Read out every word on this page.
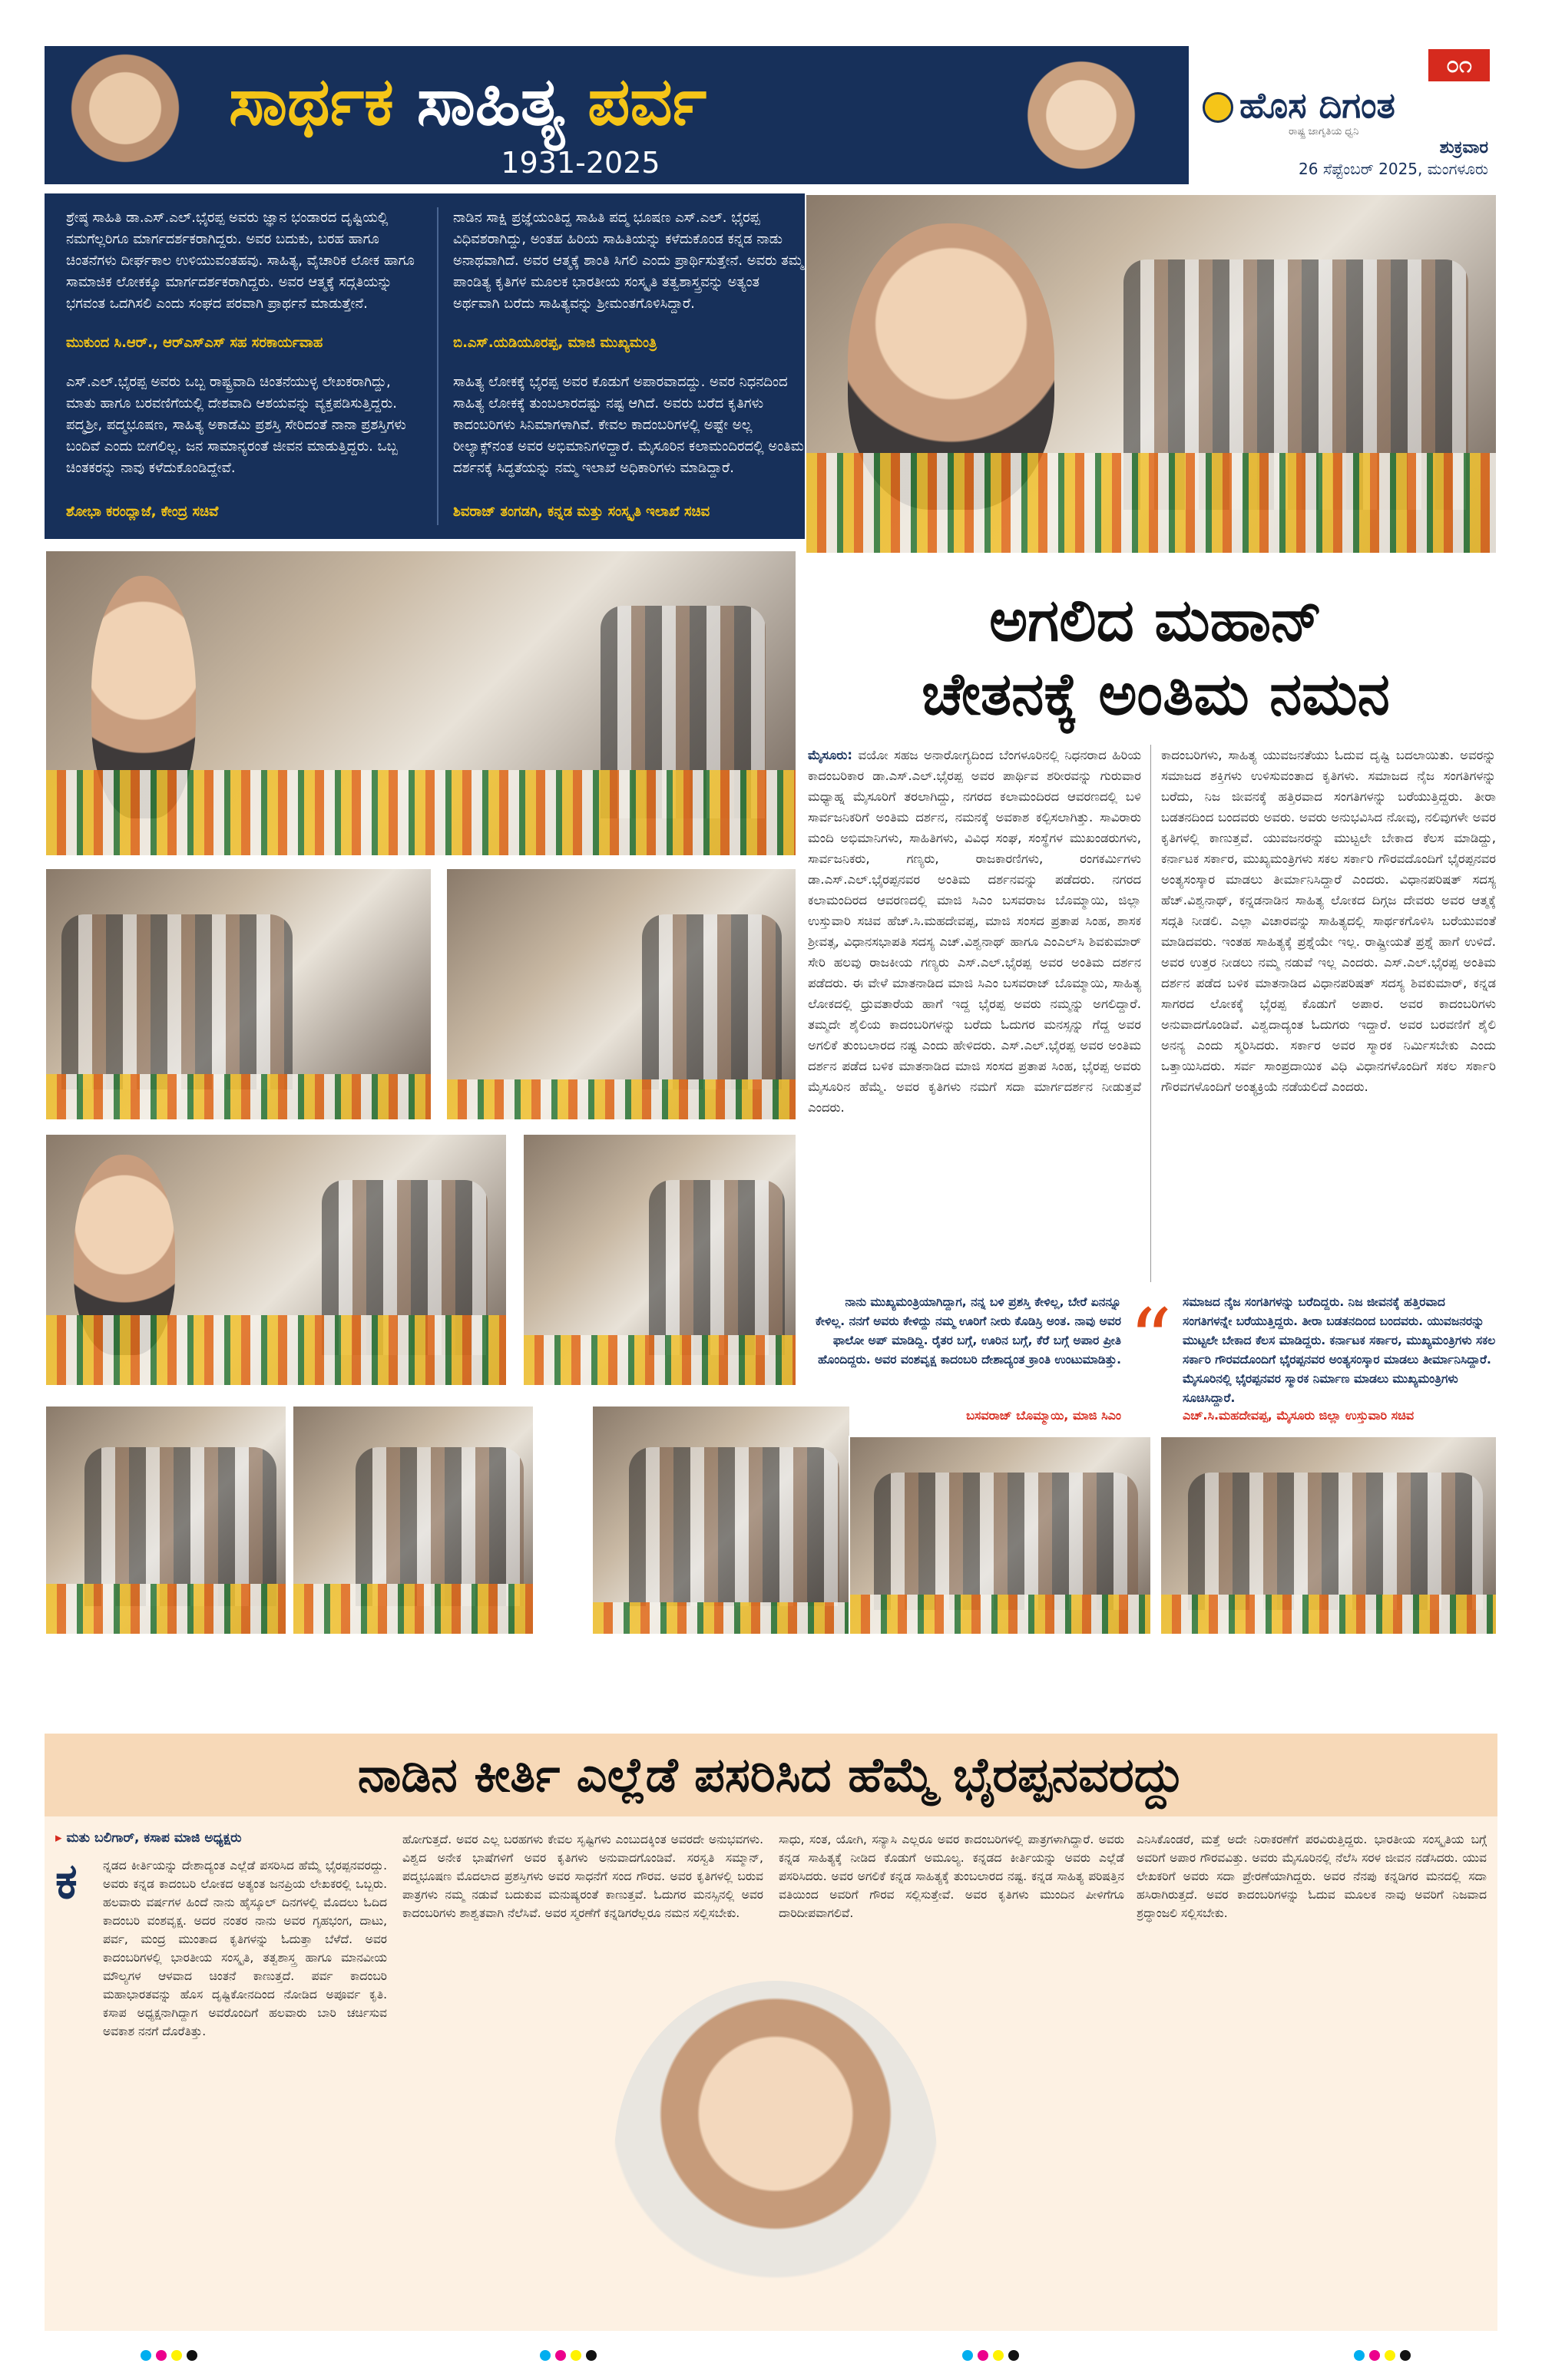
ಸಾರ್ಥಕ ಸಾಹಿತ್ಯ ಪರ್ವ
1931-2025
೦೧
ಹೊಸ ದಿಗಂತ
ರಾಷ್ಟ್ರ ಜಾಗೃತಿಯ ಧ್ವನಿ
ಶುಕ್ರವಾರ
26 ಸೆಪ್ಟೆಂಬರ್ 2025, ಮಂಗಳೂರು
ಶ್ರೇಷ್ಠ ಸಾಹಿತಿ ಡಾ.ಎಸ್.ಎಲ್.ಭೈರಪ್ಪ ಅವರು ಜ್ಞಾನ ಭಂಡಾರದ ದೃಷ್ಟಿಯಲ್ಲಿ ನಮಗೆಲ್ಲರಿಗೂ ಮಾರ್ಗದರ್ಶಕರಾಗಿದ್ದರು. ಅವರ ಬದುಕು, ಬರಹ ಹಾಗೂ ಚಿಂತನೆಗಳು ದೀರ್ಘಕಾಲ ಉಳಿಯುವಂತಹವು. ಸಾಹಿತ್ಯ, ವೈಚಾರಿಕ ಲೋಕ ಹಾಗೂ ಸಾಮಾಜಿಕ ಲೋಕಕ್ಕೂ ಮಾರ್ಗದರ್ಶಕರಾಗಿದ್ದರು. ಅವರ ಆತ್ಮಕ್ಕೆ ಸದ್ಗತಿಯನ್ನು ಭಗವಂತ ಒದಗಿಸಲಿ ಎಂದು ಸಂಘದ ಪರವಾಗಿ ಪ್ರಾರ್ಥನೆ ಮಾಡುತ್ತೇನೆ.
ಮುಕುಂದ ಸಿ.ಆರ್., ಆರ್‌ಎಸ್‌ಎಸ್ ಸಹ ಸರಕಾರ್ಯವಾಹ
ನಾಡಿನ ಸಾಕ್ಷಿ ಪ್ರಜ್ಞೆಯಂತಿದ್ದ ಸಾಹಿತಿ ಪದ್ಮ ಭೂಷಣ ಎಸ್.ಎಲ್. ಭೈರಪ್ಪ ವಿಧಿವಶರಾಗಿದ್ದು, ಅಂತಹ ಹಿರಿಯ ಸಾಹಿತಿಯನ್ನು ಕಳೆದುಕೊಂಡ ಕನ್ನಡ ನಾಡು ಅನಾಥವಾಗಿದೆ. ಅವರ ಆತ್ಮಕ್ಕೆ ಶಾಂತಿ ಸಿಗಲಿ ಎಂದು ಪ್ರಾರ್ಥಿಸುತ್ತೇನೆ. ಅವರು ತಮ್ಮ ಪಾಂಡಿತ್ಯ ಕೃತಿಗಳ ಮೂಲಕ ಭಾರತೀಯ ಸಂಸ್ಕೃತಿ ತತ್ವಶಾಸ್ತ್ರವನ್ನು ಅತ್ಯಂತ ಅರ್ಥವಾಗಿ ಬರೆದು ಸಾಹಿತ್ಯವನ್ನು ಶ್ರೀಮಂತಗೊಳಿಸಿದ್ದಾರೆ.
ಬಿ.ಎಸ್.ಯಡಿಯೂರಪ್ಪ, ಮಾಜಿ ಮುಖ್ಯಮಂತ್ರಿ
ಎಸ್.ಎಲ್.ಭೈರಪ್ಪ ಅವರು ಒಬ್ಬ ರಾಷ್ಟ್ರವಾದಿ ಚಿಂತನೆಯುಳ್ಳ ಲೇಖಕರಾಗಿದ್ದು, ಮಾತು ಹಾಗೂ ಬರವಣಿಗೆಯಲ್ಲಿ ದೇಶವಾದಿ ಆಶಯವನ್ನು ವ್ಯಕ್ತಪಡಿಸುತ್ತಿದ್ದರು. ಪದ್ಮಶ್ರೀ, ಪದ್ಮಭೂಷಣ, ಸಾಹಿತ್ಯ ಅಕಾಡೆಮಿ ಪ್ರಶಸ್ತಿ ಸೇರಿದಂತೆ ನಾನಾ ಪ್ರಶಸ್ತಿಗಳು ಬಂದಿವೆ ಎಂದು ಬೀಗಲಿಲ್ಲ. ಜನ ಸಾಮಾನ್ಯರಂತೆ ಜೀವನ ಮಾಡುತ್ತಿದ್ದರು. ಒಬ್ಬ ಚಿಂತಕರನ್ನು ನಾವು ಕಳೆದುಕೊಂಡಿದ್ದೇವೆ.
ಶೋಭಾ ಕರಂದ್ಲಾಜೆ, ಕೇಂದ್ರ ಸಚಿವೆ
ಸಾಹಿತ್ಯ ಲೋಕಕ್ಕೆ ಭೈರಪ್ಪ ಅವರ ಕೊಡುಗೆ ಅಪಾರವಾದದ್ದು. ಅವರ ನಿಧನದಿಂದ ಸಾಹಿತ್ಯ ಲೋಕಕ್ಕೆ ತುಂಬಲಾರದಷ್ಟು ನಷ್ಟ ಆಗಿದೆ. ಅವರು ಬರೆದ ಕೃತಿಗಳು ಕಾದಂಬರಿಗಳು ಸಿನಿಮಾಗಳಾಗಿವೆ. ಕೇವಲ ಕಾದಂಬರಿಗಳಲ್ಲಿ ಅಷ್ಟೇ ಅಲ್ಲ ರೀಲ್ಯಾಕ್ಸ್‌ನಂತ ಅವರ ಅಭಿಮಾನಿಗಳಿದ್ದಾರೆ. ಮೈಸೂರಿನ ಕಲಾಮಂದಿರದಲ್ಲಿ ಅಂತಿಮ ದರ್ಶನಕ್ಕೆ ಸಿದ್ಧತೆಯನ್ನು ನಮ್ಮ ಇಲಾಖೆ ಅಧಿಕಾರಿಗಳು ಮಾಡಿದ್ದಾರೆ.
ಶಿವರಾಜ್ ತಂಗಡಗಿ, ಕನ್ನಡ ಮತ್ತು ಸಂಸ್ಕೃತಿ ಇಲಾಖೆ ಸಚಿವ
ಅಗಲಿದ ಮಹಾನ್
ಚೇತನಕ್ಕೆ ಅಂತಿಮ ನಮನ
ಮೈಸೂರು: ವಯೋ ಸಹಜ ಅನಾರೋಗ್ಯದಿಂದ ಬೆಂಗಳೂರಿನಲ್ಲಿ ನಿಧನರಾದ ಹಿರಿಯ ಕಾದಂಬರಿಕಾರ ಡಾ.ಎಸ್.ಎಲ್.ಭೈರಪ್ಪ ಅವರ ಪಾರ್ಥಿವ ಶರೀರವನ್ನು ಗುರುವಾರ ಮಧ್ಯಾಹ್ನ ಮೈಸೂರಿಗೆ ತರಲಾಗಿದ್ದು, ನಗರದ ಕಲಾಮಂದಿರದ ಆವರಣದಲ್ಲಿ ಬಳಿ ಸಾರ್ವಜನಿಕರಿಗೆ ಅಂತಿಮ ದರ್ಶನ, ನಮನಕ್ಕೆ ಅವಕಾಶ ಕಲ್ಪಿಸಲಾಗಿತ್ತು. ಸಾವಿರಾರು ಮಂದಿ ಅಭಿಮಾನಿಗಳು, ಸಾಹಿತಿಗಳು, ವಿವಿಧ ಸಂಘ, ಸಂಸ್ಥೆಗಳ ಮುಖಂಡರುಗಳು, ಸಾರ್ವಜನಿಕರು, ಗಣ್ಯರು, ರಾಜಕಾರಣಿಗಳು, ರಂಗಕರ್ಮಿಗಳು ಡಾ.ಎಸ್.ಎಲ್.ಭೈರಪ್ಪನವರ ಅಂತಿಮ ದರ್ಶನವನ್ನು ಪಡೆದರು. ನಗರದ ಕಲಾಮಂದಿರದ ಆವರಣದಲ್ಲಿ ಮಾಜಿ ಸಿಎಂ ಬಸವರಾಜ ಬೊಮ್ಮಾಯಿ, ಜಿಲ್ಲಾ ಉಸ್ತುವಾರಿ ಸಚಿವ ಹೆಚ್.ಸಿ.ಮಹದೇವಪ್ಪ, ಮಾಜಿ ಸಂಸದ ಪ್ರತಾಪ ಸಿಂಹ, ಶಾಸಕ ಶ್ರೀವತ್ಸ, ವಿಧಾನಸಭಾಪತಿ ಸದಸ್ಯ ಎಚ್.ವಿಶ್ವನಾಥ್ ಹಾಗೂ ಎಂಎಲ್‌ಸಿ ಶಿವಕುಮಾರ್ ಸೇರಿ ಹಲವು ರಾಜಕೀಯ ಗಣ್ಯರು ಎಸ್.ಎಲ್.ಭೈರಪ್ಪ ಅವರ ಅಂತಿಮ ದರ್ಶನ ಪಡೆದರು. ಈ ವೇಳೆ ಮಾತನಾಡಿದ ಮಾಜಿ ಸಿಎಂ ಬಸವರಾಜ್ ಬೊಮ್ಮಾಯಿ, ಸಾಹಿತ್ಯ ಲೋಕದಲ್ಲಿ ಧ್ರುವತಾರೆಯ ಹಾಗೆ ಇದ್ದ ಭೈರಪ್ಪ ಅವರು ನಮ್ಮನ್ನು ಅಗಲಿದ್ದಾರೆ. ತಮ್ಮದೇ ಶೈಲಿಯ ಕಾದಂಬರಿಗಳನ್ನು ಬರೆದು ಓದುಗರ ಮನಸ್ಸನ್ನು ಗೆದ್ದ ಅವರ ಅಗಲಿಕೆ ತುಂಬಲಾರದ ನಷ್ಟ ಎಂದು ಹೇಳಿದರು. ಎಸ್.ಎಲ್.ಭೈರಪ್ಪ ಅವರ ಅಂತಿಮ ದರ್ಶನ ಪಡೆದ ಬಳಿಕ ಮಾತನಾಡಿದ ಮಾಜಿ ಸಂಸದ ಪ್ರತಾಪ ಸಿಂಹ, ಭೈರಪ್ಪ ಅವರು ಮೈಸೂರಿನ ಹೆಮ್ಮೆ. ಅವರ ಕೃತಿಗಳು ನಮಗೆ ಸದಾ ಮಾರ್ಗದರ್ಶನ ನೀಡುತ್ತವೆ ಎಂದರು.
ಕಾದಂಬರಿಗಳು, ಸಾಹಿತ್ಯ ಯುವಜನತೆಯು ಓದುವ ದೃಷ್ಟಿ ಬದಲಾಯಿತು. ಅವರನ್ನು ಸಮಾಜದ ಶಕ್ತಿಗಳು ಉಳಿಸುವಂತಾದ ಕೃತಿಗಳು. ಸಮಾಜದ ನೈಜ ಸಂಗತಿಗಳನ್ನು ಬರೆದು, ನಿಜ ಜೀವನಕ್ಕೆ ಹತ್ತಿರವಾದ ಸಂಗತಿಗಳನ್ನು ಬರೆಯುತ್ತಿದ್ದರು. ತೀರಾ ಬಡತನದಿಂದ ಬಂದವರು ಅವರು. ಅವರು ಅನುಭವಿಸಿದ ನೋವು, ನಲಿವುಗಳೇ ಅವರ ಕೃತಿಗಳಲ್ಲಿ ಕಾಣುತ್ತವೆ. ಯುವಜನರನ್ನು ಮುಟ್ಟಲೇ ಬೇಕಾದ ಕೆಲಸ ಮಾಡಿದ್ದು, ಕರ್ನಾಟಕ ಸರ್ಕಾರ, ಮುಖ್ಯಮಂತ್ರಿಗಳು ಸಕಲ ಸರ್ಕಾರಿ ಗೌರವದೊಂದಿಗೆ ಭೈರಪ್ಪನವರ ಅಂತ್ಯಸಂಸ್ಕಾರ ಮಾಡಲು ತೀರ್ಮಾನಿಸಿದ್ದಾರೆ ಎಂದರು. ವಿಧಾನಪರಿಷತ್ ಸದಸ್ಯ ಹೆಚ್.ವಿಶ್ವನಾಥ್, ಕನ್ನಡನಾಡಿನ ಸಾಹಿತ್ಯ ಲೋಕದ ದಿಗ್ಗಜ ದೇವರು ಅವರ ಆತ್ಮಕ್ಕೆ ಸದ್ಗತಿ ನೀಡಲಿ. ಎಲ್ಲಾ ವಿಚಾರವನ್ನು ಸಾಹಿತ್ಯದಲ್ಲಿ ಸಾರ್ಥಕಗೊಳಿಸಿ ಬರೆಯುವಂತೆ ಮಾಡಿದವರು. ಇಂತಹ ಸಾಹಿತ್ಯಕ್ಕೆ ಪ್ರಶ್ನೆಯೇ ಇಲ್ಲ. ರಾಷ್ಟ್ರೀಯತೆ ಪ್ರಶ್ನೆ ಹಾಗೆ ಉಳಿದೆ. ಅವರ ಉತ್ತರ ನೀಡಲು ನಮ್ಮ ನಡುವೆ ಇಲ್ಲ ಎಂದರು. ಎಸ್.ಎಲ್.ಭೈರಪ್ಪ ಅಂತಿಮ ದರ್ಶನ ಪಡೆದ ಬಳಿಕ ಮಾತನಾಡಿದ ವಿಧಾನಪರಿಷತ್ ಸದಸ್ಯ ಶಿವಕುಮಾರ್, ಕನ್ನಡ ಸಾಗರದ ಲೋಕಕ್ಕೆ ಭೈರಪ್ಪ ಕೊಡುಗೆ ಅಪಾರ. ಅವರ ಕಾದಂಬರಿಗಳು ಅನುವಾದಗೊಂಡಿವೆ. ವಿಶ್ವದಾದ್ಯಂತ ಓದುಗರು ಇದ್ದಾರೆ. ಅವರ ಬರವಣಿಗೆ ಶೈಲಿ ಅನನ್ಯ ಎಂದು ಸ್ಮರಿಸಿದರು. ಸರ್ಕಾರ ಅವರ ಸ್ಮಾರಕ ನಿರ್ಮಿಸಬೇಕು ಎಂದು ಒತ್ತಾಯಿಸಿದರು. ಸರ್ವ ಸಾಂಪ್ರದಾಯಿಕ ವಿಧಿ ವಿಧಾನಗಳೊಂದಿಗೆ ಸಕಲ ಸರ್ಕಾರಿ ಗೌರವಗಳೊಂದಿಗೆ ಅಂತ್ಯಕ್ರಿಯೆ ನಡೆಯಲಿದೆ ಎಂದರು.
ನಾನು ಮುಖ್ಯಮಂತ್ರಿಯಾಗಿದ್ದಾಗ, ನನ್ನ ಬಳಿ ಪ್ರಶಸ್ತಿ ಕೇಳಿಲ್ಲ, ಬೇರೆ ಏನನ್ನೂ ಕೇಳಿಲ್ಲ. ನನಗೆ ಅವರು ಕೇಳಿದ್ದು ನಮ್ಮ ಊರಿಗೆ ನೀರು ಕೊಡಿಸ್ರಿ ಅಂತ. ನಾವು ಅವರ ಫಾಲೋ ಅಪ್ ಮಾಡಿದ್ದಿ. ರೈತರ ಬಗ್ಗೆ, ಊರಿನ ಬಗ್ಗೆ, ಕೆರೆ ಬಗ್ಗೆ ಅಪಾರ ಪ್ರೀತಿ ಹೊಂದಿದ್ದರು. ಅವರ ವಂಶವೃಕ್ಷ ಕಾದಂಬರಿ ದೇಶಾದ್ಯಂತ ಕ್ರಾಂತಿ ಉಂಟುಮಾಡಿತ್ತು.
ಬಸವರಾಜ್ ಬೊಮ್ಮಾಯಿ, ಮಾಜಿ ಸಿಎಂ
“ ಸಮಾಜದ ನೈಜ ಸಂಗತಿಗಳನ್ನು ಬರೆದಿದ್ದರು. ನಿಜ ಜೀವನಕ್ಕೆ ಹತ್ತಿರವಾದ ಸಂಗತಿಗಳನ್ನೇ ಬರೆಯುತ್ತಿದ್ದರು. ತೀರಾ ಬಡತನದಿಂದ ಬಂದವರು. ಯುವಜನರನ್ನು ಮುಟ್ಟಲೇ ಬೇಕಾದ ಕೆಲಸ ಮಾಡಿದ್ದರು. ಕರ್ನಾಟಕ ಸರ್ಕಾರ, ಮುಖ್ಯಮಂತ್ರಿಗಳು ಸಕಲ ಸರ್ಕಾರಿ ಗೌರವದೊಂದಿಗೆ ಭೈರಪ್ಪನವರ ಅಂತ್ಯಸಂಸ್ಕಾರ ಮಾಡಲು ತೀರ್ಮಾನಿಸಿದ್ದಾರೆ. ಮೈಸೂರಿನಲ್ಲಿ ಭೈರಪ್ಪನವರ ಸ್ಮಾರಕ ನಿರ್ಮಾಣ ಮಾಡಲು ಮುಖ್ಯಮಂತ್ರಿಗಳು ಸೂಚಿಸಿದ್ದಾರೆ.
ಎಚ್.ಸಿ.ಮಹದೇವಪ್ಪ, ಮೈಸೂರು ಜಿಲ್ಲಾ ಉಸ್ತುವಾರಿ ಸಚಿವ
ನಾಡಿನ ಕೀರ್ತಿ ಎಲ್ಲೆಡೆ ಪಸರಿಸಿದ ಹೆಮ್ಮೆ ಭೈರಪ್ಪನವರದ್ದು
▸ ಮತು ಬಲಿಗಾರ್, ಕಸಾಪ ಮಾಜಿ ಅಧ್ಯಕ್ಷರು
ಕ	ನ್ನಡದ ಕೀರ್ತಿಯನ್ನು ದೇಶಾದ್ಯಂತ ಎಲ್ಲೆಡೆ ಪಸರಿಸಿದ ಹೆಮ್ಮೆ ಭೈರಪ್ಪನವರದ್ದು. ಅವರು ಕನ್ನಡ ಕಾದಂಬರಿ ಲೋಕದ ಅತ್ಯಂತ ಜನಪ್ರಿಯ ಲೇಖಕರಲ್ಲಿ ಒಬ್ಬರು. ಹಲವಾರು ವರ್ಷಗಳ ಹಿಂದೆ ನಾನು ಹೈಸ್ಕೂಲ್ ದಿನಗಳಲ್ಲಿ ಮೊದಲು ಓದಿದ ಕಾದಂಬರಿ ವಂಶವೃಕ್ಷ. ಅದರ ನಂತರ ನಾನು ಅವರ ಗೃಹಭಂಗ, ದಾಟು, ಪರ್ವ, ಮಂದ್ರ ಮುಂತಾದ ಕೃತಿಗಳನ್ನು ಓದುತ್ತಾ ಬೆಳೆದೆ. ಅವರ ಕಾದಂಬರಿಗಳಲ್ಲಿ ಭಾರತೀಯ ಸಂಸ್ಕೃತಿ, ತತ್ವಶಾಸ್ತ್ರ ಹಾಗೂ ಮಾನವೀಯ ಮೌಲ್ಯಗಳ ಆಳವಾದ ಚಿಂತನೆ ಕಾಣುತ್ತದೆ. ಪರ್ವ ಕಾದಂಬರಿ ಮಹಾಭಾರತವನ್ನು ಹೊಸ ದೃಷ್ಟಿಕೋನದಿಂದ ನೋಡಿದ ಅಪೂರ್ವ ಕೃತಿ. ಕಸಾಪ ಅಧ್ಯಕ್ಷನಾಗಿದ್ದಾಗ ಅವರೊಂದಿಗೆ ಹಲವಾರು ಬಾರಿ ಚರ್ಚಿಸುವ ಅವಕಾಶ ನನಗೆ ದೊರೆತಿತ್ತು.
ಹೋಗುತ್ತದೆ. ಅವರ ಎಲ್ಲ ಬರಹಗಳು ಕೇವಲ ಸೃಷ್ಟಿಗಳು ಎಂಬುದಕ್ಕಿಂತ ಅವರದೇ ಅನುಭವಗಳು. ವಿಶ್ವದ ಅನೇಕ ಭಾಷೆಗಳಿಗೆ ಅವರ ಕೃತಿಗಳು ಅನುವಾದಗೊಂಡಿವೆ. ಸರಸ್ವತಿ ಸಮ್ಮಾನ್, ಪದ್ಮಭೂಷಣ ಮೊದಲಾದ ಪ್ರಶಸ್ತಿಗಳು ಅವರ ಸಾಧನೆಗೆ ಸಂದ ಗೌರವ. ಅವರ ಕೃತಿಗಳಲ್ಲಿ ಬರುವ ಪಾತ್ರಗಳು ನಮ್ಮ ನಡುವೆ ಬದುಕುವ ಮನುಷ್ಯರಂತೆ ಕಾಣುತ್ತವೆ. ಓದುಗರ ಮನಸ್ಸಿನಲ್ಲಿ ಅವರ ಕಾದಂಬರಿಗಳು ಶಾಶ್ವತವಾಗಿ ನೆಲೆಸಿವೆ. ಅವರ ಸ್ಮರಣೆಗೆ ಕನ್ನಡಿಗರೆಲ್ಲರೂ ನಮನ ಸಲ್ಲಿಸಬೇಕು.
ಸಾಧು, ಸಂತ, ಯೋಗಿ, ಸನ್ಯಾಸಿ ಎಲ್ಲರೂ ಅವರ ಕಾದಂಬರಿಗಳಲ್ಲಿ ಪಾತ್ರಗಳಾಗಿದ್ದಾರೆ. ಅವರು ಕನ್ನಡ ಸಾಹಿತ್ಯಕ್ಕೆ ನೀಡಿದ ಕೊಡುಗೆ ಅಮೂಲ್ಯ. ಕನ್ನಡದ ಕೀರ್ತಿಯನ್ನು ಅವರು ಎಲ್ಲೆಡೆ ಪಸರಿಸಿದರು. ಅವರ ಅಗಲಿಕೆ ಕನ್ನಡ ಸಾಹಿತ್ಯಕ್ಕೆ ತುಂಬಲಾರದ ನಷ್ಟ. ಕನ್ನಡ ಸಾಹಿತ್ಯ ಪರಿಷತ್ತಿನ ವತಿಯಿಂದ ಅವರಿಗೆ ಗೌರವ ಸಲ್ಲಿಸುತ್ತೇವೆ. ಅವರ ಕೃತಿಗಳು ಮುಂದಿನ ಪೀಳಿಗೆಗೂ ದಾರಿದೀಪವಾಗಲಿವೆ.
ಎನಿಸಿಕೊಂಡರೆ, ಮತ್ತೆ ಅದೇ ನಿರಾಕರಣೆಗೆ ಪರವಿರುತ್ತಿದ್ದರು. ಭಾರತೀಯ ಸಂಸ್ಕೃತಿಯ ಬಗ್ಗೆ ಅವರಿಗೆ ಅಪಾರ ಗೌರವವಿತ್ತು. ಅವರು ಮೈಸೂರಿನಲ್ಲಿ ನೆಲೆಸಿ ಸರಳ ಜೀವನ ನಡೆಸಿದರು. ಯುವ ಲೇಖಕರಿಗೆ ಅವರು ಸದಾ ಪ್ರೇರಣೆಯಾಗಿದ್ದರು. ಅವರ ನೆನಪು ಕನ್ನಡಿಗರ ಮನದಲ್ಲಿ ಸದಾ ಹಸಿರಾಗಿರುತ್ತದೆ. ಅವರ ಕಾದಂಬರಿಗಳನ್ನು ಓದುವ ಮೂಲಕ ನಾವು ಅವರಿಗೆ ನಿಜವಾದ ಶ್ರದ್ಧಾಂಜಲಿ ಸಲ್ಲಿಸಬೇಕು.
